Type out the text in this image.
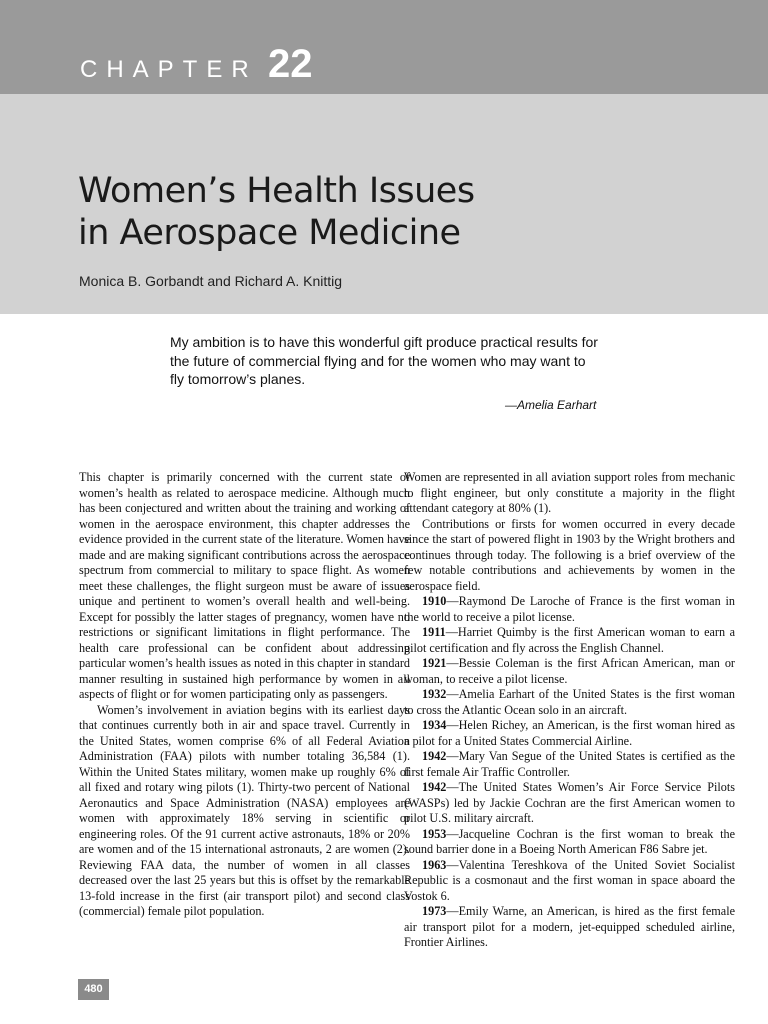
CHAPTER 22
Women’s Health Issues
in Aerospace Medicine
Monica B. Gorbandt and Richard A. Knittig
My ambition is to have this wonderful gift produce practical results for
the future of commercial flying and for the women who may want to
fly tomorrow’s planes.
—Amelia Earhart

This chapter is primarily concerned with the current state of women’s health as related to aerospace medicine. Although much has been conjectured and written about the training and working of women in the aerospace environment, this chapter addresses the evidence provided in the current state of the literature. Women have made and are making significant contributions across the aerospace spectrum from commercial to military to space flight. As women meet these challenges, the flight surgeon must be aware of issues unique and pertinent to women’s overall health and well-being. Except for possibly the latter stages of pregnancy, women have no restrictions or significant limitations in flight performance. The health care professional can be confident about addressing particular women’s health issues as noted in this chapter in standard manner resulting in sustained high performance by women in all aspects of flight or for women participating only as passengers.

Women’s involvement in aviation begins with its earliest days that continues currently both in air and space travel. Currently in the United States, women comprise 6% of all Federal Aviation Administration (FAA) pilots with number totaling 36,584 (1). Within the United States military, women make up roughly 6% of all fixed and rotary wing pilots (1). Thirty-two percent of National Aeronautics and Space Administration (NASA) employees are women with approximately 18% serving in scientific or engineering roles. Of the 91 current active astronauts, 18% or 20% are women and of the 15 international astronauts, 2 are women (2). Reviewing FAA data, the number of women in all classes decreased over the last 25 years but this is offset by the remarkable 13-fold increase in the first (air transport pilot) and second class (commercial) female pilot population.

Women are represented in all aviation support roles from mechanic to flight engineer, but only constitute a majority in the flight attendant category at 80% (1).

Contributions or firsts for women occurred in every decade since the start of powered flight in 1903 by the Wright brothers and continues through today. The following is a brief overview of the few notable contributions and achievements by women in the aerospace field.

1910—Raymond De Laroche of France is the first woman in the world to receive a pilot license.

1911—Harriet Quimby is the first American woman to earn a pilot certification and fly across the English Channel.

1921—Bessie Coleman is the first African American, man or woman, to receive a pilot license.

1932—Amelia Earhart of the United States is the first woman to cross the Atlantic Ocean solo in an aircraft.

1934—Helen Richey, an American, is the first woman hired as a pilot for a United States Commercial Airline.

1942—Mary Van Segue of the United States is certified as the first female Air Traffic Controller.

1942—The United States Women’s Air Force Service Pilots (WASPs) led by Jackie Cochran are the first American women to pilot U.S. military aircraft.

1953—Jacqueline Cochran is the first woman to break the sound barrier done in a Boeing North American F86 Sabre jet.

1963—Valentina Tereshkova of the United Soviet Socialist Republic is a cosmonaut and the first woman in space aboard the Vostok 6.

1973—Emily Warne, an American, is hired as the first female air transport pilot for a modern, jet-equipped scheduled airline, Frontier Airlines.

480
